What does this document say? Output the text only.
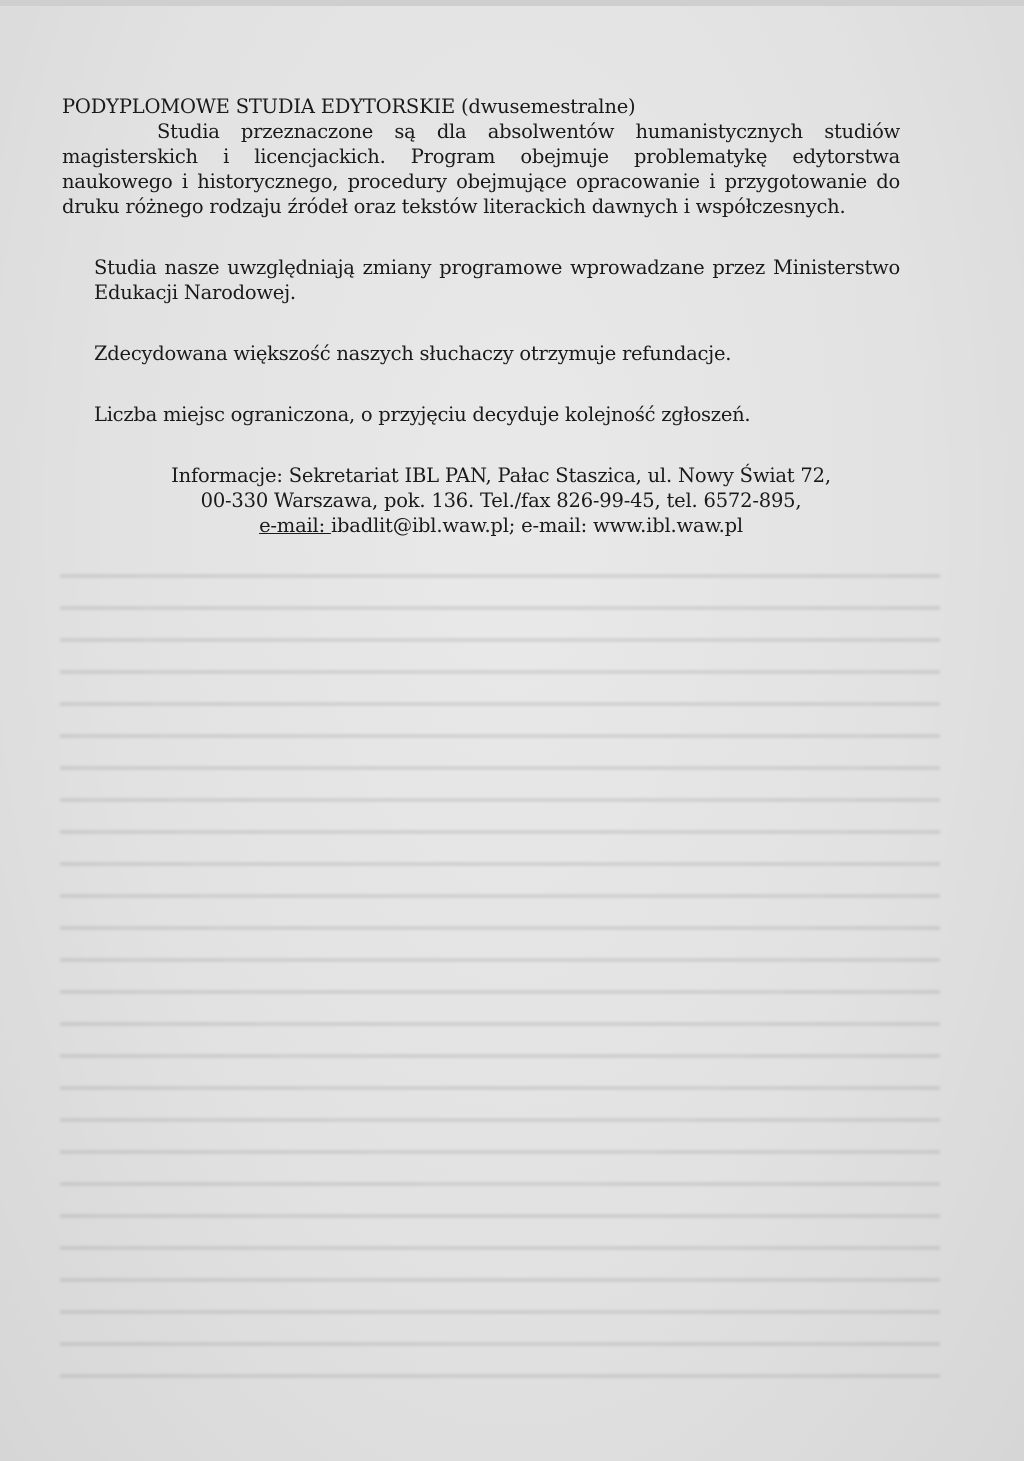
PODYPLOMOWE STUDIA EDYTORSKIE (dwusemestralne)

Studia przeznaczone są dla absolwentów humanistycznych studiów magisterskich i licencjackich. Program obejmuje problematykę edytorstwa naukowego i historycznego, procedury obejmujące opracowanie i przygotowanie do druku różnego rodzaju źródeł oraz tekstów literackich dawnych i współczesnych.

Studia nasze uwzględniają zmiany programowe wprowadzane przez Ministerstwo Edukacji Narodowej.

Zdecydowana większość naszych słuchaczy otrzymuje refundacje.

Liczba miejsc ograniczona, o przyjęciu decyduje kolejność zgłoszeń.

Informacje: Sekretariat IBL PAN, Pałac Staszica, ul. Nowy Świat 72,
00-330 Warszawa, pok. 136. Tel./fax 826-99-45, tel. 6572-895,
e-mail: ibadlit@ibl.waw.pl; e-mail: www.ibl.waw.pl
